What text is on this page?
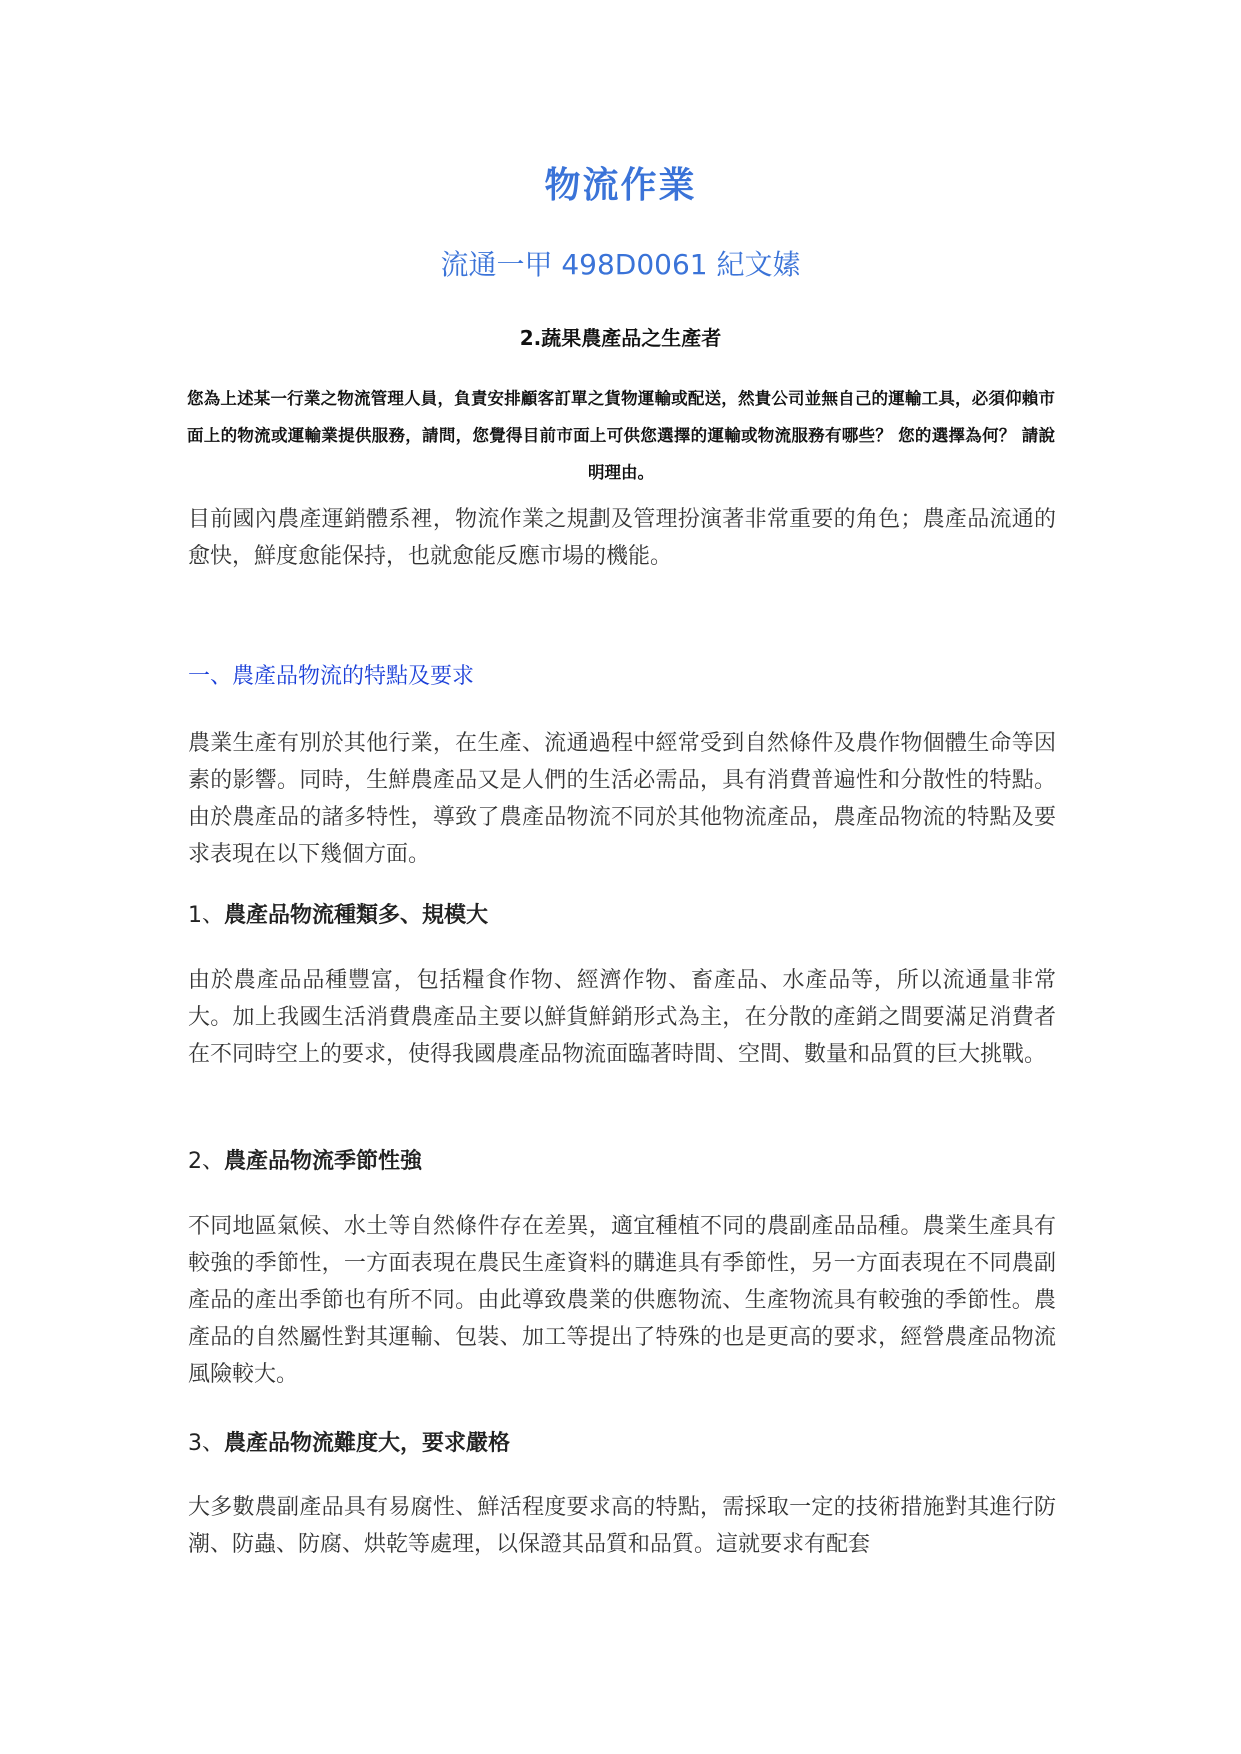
物流作業
流通一甲 498D0061 紀文嫊
2.蔬果農產品之生產者
您為上述某一行業之物流管理人員，負責安排顧客訂單之貨物運輸或配送，然貴公司並無自己的運輸工具，必須仰賴市面上的物流或運輸業提供服務，請問，您覺得目前市面上可供您選擇的運輸或物流服務有哪些？ 您的選擇為何？ 請說明理由。

目前國內農產運銷體系裡，物流作業之規劃及管理扮演著非常重要的角色；農產品流通的愈快，鮮度愈能保持，也就愈能反應市場的機能。

一、農產品物流的特點及要求

農業生產有別於其他行業，在生產、流通過程中經常受到自然條件及農作物個體生命等因素的影響。同時，生鮮農產品又是人們的生活必需品，具有消費普遍性和分散性的特點。由於農產品的諸多特性，導致了農產品物流不同於其他物流產品，農產品物流的特點及要求表現在以下幾個方面。

1、農產品物流種類多、規模大

由於農產品品種豐富，包括糧食作物、經濟作物、畜產品、水產品等，所以流通量非常大。加上我國生活消費農產品主要以鮮貨鮮銷形式為主，在分散的產銷之間要滿足消費者在不同時空上的要求，使得我國農產品物流面臨著時間、空間、數量和品質的巨大挑戰。

2、農產品物流季節性強

不同地區氣候、水土等自然條件存在差異，適宜種植不同的農副產品品種。農業生產具有較強的季節性，一方面表現在農民生產資料的購進具有季節性，另一方面表現在不同農副產品的產出季節也有所不同。由此導致農業的供應物流、生產物流具有較強的季節性。農產品的自然屬性對其運輸、包裝、加工等提出了特殊的也是更高的要求，經營農產品物流風險較大。

3、農產品物流難度大，要求嚴格

大多數農副產品具有易腐性、鮮活程度要求高的特點，需採取一定的技術措施對其進行防潮、防蟲、防腐、烘乾等處理，以保證其品質和品質。這就要求有配套
